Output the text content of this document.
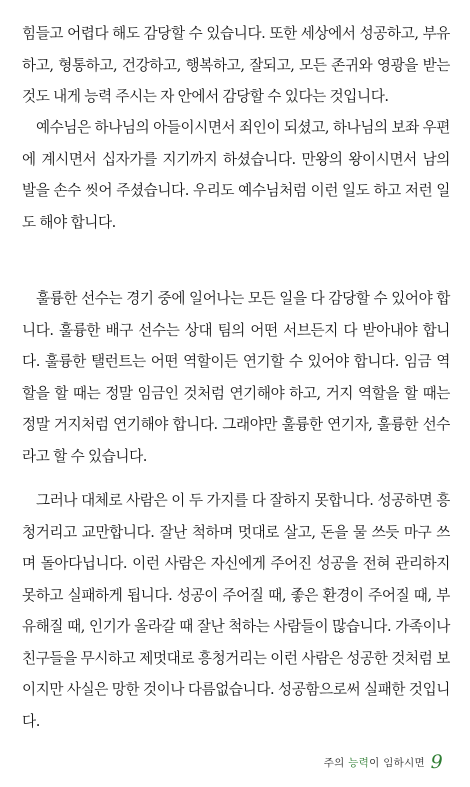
힘들고 어렵다 해도 감당할 수 있습니다. 또한 세상에서 성공하고, 부유하고, 형통하고, 건강하고, 행복하고, 잘되고, 모든 존귀와 영광을 받는 것도 내게 능력 주시는 자 안에서 감당할 수 있다는 것입니다.

예수님은 하나님의 아들이시면서 죄인이 되셨고, 하나님의 보좌 우편에 계시면서 십자가를 지기까지 하셨습니다. 만왕의 왕이시면서 남의 발을 손수 씻어 주셨습니다. 우리도 예수님처럼 이런 일도 하고 저런 일도 해야 합니다.

훌륭한 선수는 경기 중에 일어나는 모든 일을 다 감당할 수 있어야 합니다. 훌륭한 배구 선수는 상대 팀의 어떤 서브든지 다 받아내야 합니다. 훌륭한 탤런트는 어떤 역할이든 연기할 수 있어야 합니다. 임금 역할을 할 때는 정말 임금인 것처럼 연기해야 하고, 거지 역할을 할 때는 정말 거지처럼 연기해야 합니다. 그래야만 훌륭한 연기자, 훌륭한 선수라고 할 수 있습니다.

그러나 대체로 사람은 이 두 가지를 다 잘하지 못합니다. 성공하면 흥청거리고 교만합니다. 잘난 척하며 멋대로 살고, 돈을 물 쓰듯 마구 쓰며 돌아다닙니다. 이런 사람은 자신에게 주어진 성공을 전혀 관리하지 못하고 실패하게 됩니다. 성공이 주어질 때, 좋은 환경이 주어질 때, 부유해질 때, 인기가 올라갈 때 잘난 척하는 사람들이 많습니다. 가족이나 친구들을 무시하고 제멋대로 흥청거리는 이런 사람은 성공한 것처럼 보이지만 사실은 망한 것이나 다름없습니다. 성공함으로써 실패한 것입니다.

주의 능력이 임하시면 9
